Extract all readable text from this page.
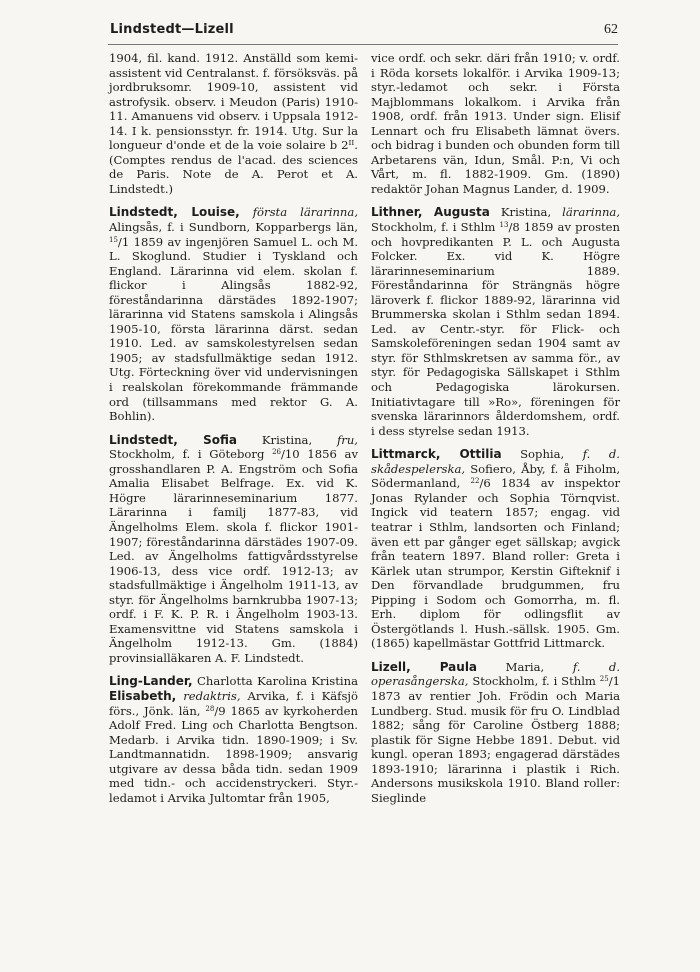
Lindstedt—Lizell	62

1904, fil. kand. 1912. Anställd som kemi-assistent vid Centralanst. f. försöksväs. på jordbruksomr. 1909-10, assistent vid astrofysik. observ. i Meudon (Paris) 1910-11. Amanuens vid observ. i Uppsala 1912-14. I k. pensionsstyr. fr. 1914. Utg. Sur la longueur d'onde et de la voie solaire b 2ᴵᴵ. (Comptes rendus de l'acad. des sciences de Paris. Note de A. Perot et A. Lindstedt.)

Lindstedt, Louise, första lärarinna, Alingsås, f. i Sundborn, Kopparbergs län, $^{15}$/1 1859 av ingenjören Samuel L. och M. L. Skoglund. Studier i Tyskland och England. Lärarinna vid elem. skolan f. flickor i Alingsås 1882-92, föreståndarinna därstädes 1892-1907; lärarinna vid Statens samskola i Alingsås 1905-10, första lärarinna därst. sedan 1910. Led. av samskolestyrelsen sedan 1905; av stadsfullmäktige sedan 1912. Utg. Förteckning över vid undervisningen i realskolan förekommande främmande ord (tillsammans med rektor G. A. Bohlin).

Lindstedt, Sofia Kristina, fru, Stockholm, f. i Göteborg $^{26}$/10 1856 av grosshandlaren P. A. Engström och Sofia Amalia Elisabet Belfrage. Ex. vid K. Högre lärarinneseminarium 1877. Lärarinna i familj 1877-83, vid Ängelholms Elem. skola f. flickor 1901-1907; föreståndarinna därstädes 1907-09. Led. av Ängelholms fattigvårdsstyrelse 1906-13, dess vice ordf. 1912-13; av stadsfullmäktige i Ängelholm 1911-13, av styr. för Ängelholms barnkrubba 1907-13; ordf. i F. K. P. R. i Ängelholm 1903-13. Examensvittne vid Statens samskola i Ängelholm 1912-13. Gm. (1884) provinsialläkaren A. F. Lindstedt.

Ling-Lander, Charlotta Karolina Kristina Elisabeth, redaktris, Arvika, f. i Käfsjö förs., Jönk. län, $^{28}$/9 1865 av kyrkoherden Adolf Fred. Ling och Charlotta Bengtson. Medarb. i Arvika tidn. 1890-1909; i Sv. Landtmannatidn. 1898-1909; ansvarig utgivare av dessa båda tidn. sedan 1909 med tidn.- och accidenstryckeri. Styr.-ledamot i Arvika Jultomtar från 1905,

vice ordf. och sekr. däri från 1910; v. ordf. i Röda korsets lokalför. i Arvika 1909-13; styr.-ledamot och sekr. i Första Majblommans lokalkom. i Arvika från 1908, ordf. från 1913. Under sign. Elisif Lennart och fru Elisabeth lämnat övers. och bidrag i bunden och obunden form till Arbetarens vän, Idun, Smål. P:n, Vi och Vårt, m. fl. 1882-1909. Gm. (1890) redaktör Johan Magnus Lander, d. 1909.

Lithner, Augusta Kristina, lärarinna, Stockholm, f. i Sthlm $^{13}$/8 1859 av prosten och hovpredikanten P. L. och Augusta Folcker. Ex. vid K. Högre lärarinneseminarium 1889. Föreståndarinna för Strängnäs högre läroverk f. flickor 1889-92, lärarinna vid Brummerska skolan i Sthlm sedan 1894. Led. av Centr.-styr. för Flick- och Samskoleföreningen sedan 1904 samt av styr. för Sthlmskretsen av samma för., av styr. för Pedagogiska Sällskapet i Sthlm och Pedagogiska lärokursen. Initiativtagare till »Ro», föreningen för svenska lärarinnors ålderdomshem, ordf. i dess styrelse sedan 1913.

Littmarck, Ottilia Sophia, f. d. skådespelerska, Sofiero, Åby, f. å Fiholm, Södermanland, $^{22}$/6 1834 av inspektor Jonas Rylander och Sophia Törnqvist. Ingick vid teatern 1857; engag. vid teatrar i Sthlm, landsorten och Finland; även ett par gånger eget sällskap; avgick från teatern 1897. Bland roller: Greta i Kärlek utan strumpor, Kerstin Gifteknif i Den förvandlade brudgummen, fru Pipping i Sodom och Gomorrha, m. fl. Erh. diplom för odlingsflit av Östergötlands l. Hush.-sällsk. 1905. Gm. (1865) kapellmästar Gottfrid Littmarck.

Lizell, Paula Maria, f. d. operasångerska, Stockholm, f. i Sthlm $^{25}$/1 1873 av rentier Joh. Frödin och Maria Lundberg. Stud. musik för fru O. Lindblad 1882; sång för Caroline Östberg 1888; plastik för Signe Hebbe 1891. Debut. vid kungl. operan 1893; engagerad därstädes 1893-1910; lärarinna i plastik i Rich. Andersons musikskola 1910. Bland roller: Sieglinde
